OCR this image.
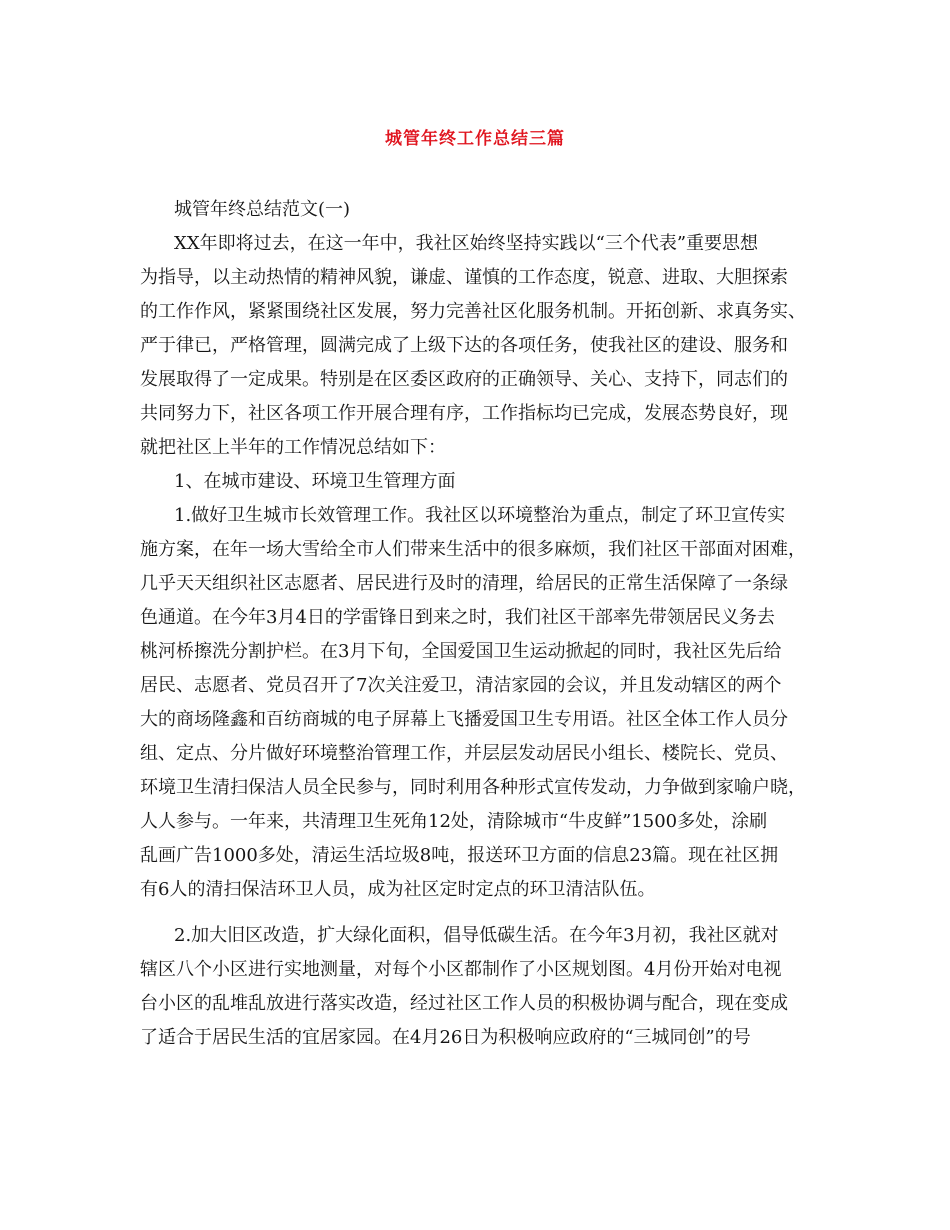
城管年终工作总结三篇
城管年终总结范文(一)
XX年即将过去，在这一年中，我社区始终坚持实践以“三个代表”重要思想
为指导，以主动热情的精神风貌，谦虚、谨慎的工作态度，锐意、进取、大胆探索
的工作作风，紧紧围绕社区发展，努力完善社区化服务机制。开拓创新、求真务实、
严于律已，严格管理，圆满完成了上级下达的各项任务，使我社区的建设、服务和
发展取得了一定成果。特别是在区委区政府的正确领导、关心、支持下，同志们的
共同努力下，社区各项工作开展合理有序，工作指标均已完成，发展态势良好，现
就把社区上半年的工作情况总结如下：
1、在城市建设、环境卫生管理方面
1.做好卫生城市长效管理工作。我社区以环境整治为重点，制定了环卫宣传实
施方案，在年一场大雪给全市人们带来生活中的很多麻烦，我们社区干部面对困难，
几乎天天组织社区志愿者、居民进行及时的清理，给居民的正常生活保障了一条绿
色通道。在今年3月4日的学雷锋日到来之时，我们社区干部率先带领居民义务去
桃河桥擦洗分割护栏。在3月下旬，全国爱国卫生运动掀起的同时，我社区先后给
居民、志愿者、党员召开了7次关注爱卫，清洁家园的会议，并且发动辖区的两个
大的商场隆鑫和百纺商城的电子屏幕上飞播爱国卫生专用语。社区全体工作人员分
组、定点、分片做好环境整治管理工作，并层层发动居民小组长、楼院长、党员、
环境卫生清扫保洁人员全民参与，同时利用各种形式宣传发动，力争做到家喻户晓，
人人参与。一年来，共清理卫生死角12处，清除城市“牛皮鲜”1500多处，涂刷
乱画广告1000多处，清运生活垃圾8吨，报送环卫方面的信息23篇。现在社区拥
有6人的清扫保洁环卫人员，成为社区定时定点的环卫清洁队伍。
2.加大旧区改造，扩大绿化面积，倡导低碳生活。在今年3月初，我社区就对
辖区八个小区进行实地测量，对每个小区都制作了小区规划图。4月份开始对电视
台小区的乱堆乱放进行落实改造，经过社区工作人员的积极协调与配合，现在变成
了适合于居民生活的宜居家园。在4月26日为积极响应政府的“三城同创”的号
